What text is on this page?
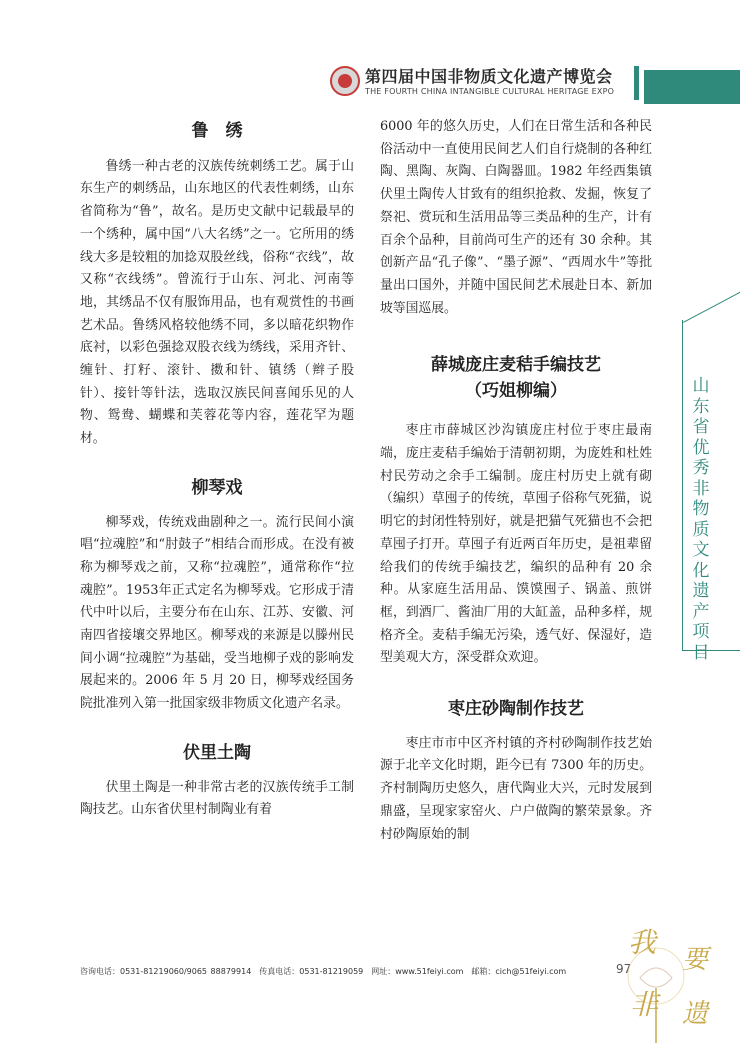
第四届中国非物质文化遗产博览会
THE FOURTH CHINA INTANGIBLE CULTURAL HERITAGE EXPO
山东省优秀非物质文化遗产项目
鲁　绣

鲁绣一种古老的汉族传统刺绣工艺。属于山东生产的刺绣品，山东地区的代表性刺绣，山东省简称为“鲁”，故名。是历史文献中记载最早的一个绣种，属中国“八大名绣”之一。它所用的绣线大多是较粗的加捻双股丝线，俗称“衣线”，故又称“衣线绣”。曾流行于山东、河北、河南等地，其绣品不仅有服饰用品，也有观赏性的书画艺术品。鲁绣风格较他绣不同，多以暗花织物作底衬，以彩色强捻双股衣线为绣线，采用齐针、缠针、打籽、滚针、擞和针、镇绣（辫子股针）、接针等针法，选取汉族民间喜闻乐见的人物、鸳鸯、蝴蝶和芙蓉花等内容，莲花罕为题材。

柳琴戏

柳琴戏，传统戏曲剧种之一。流行民间小演唱“拉魂腔”和“肘鼓子”相结合而形成。在没有被称为柳琴戏之前，又称“拉魂腔”，通常称作“拉魂腔”。1953年正式定名为柳琴戏。它形成于清代中叶以后，主要分布在山东、江苏、安徽、河南四省接壤交界地区。柳琴戏的来源是以滕州民间小调“拉魂腔”为基础，受当地柳子戏的影响发展起来的。2006 年 5 月 20 日，柳琴戏经国务院批准列入第一批国家级非物质文化遗产名录。

伏里土陶

伏里土陶是一种非常古老的汉族传统手工制陶技艺。山东省伏里村制陶业有着

6000 年的悠久历史，人们在日常生活和各种民俗活动中一直使用民间艺人们自行烧制的各种红陶、黑陶、灰陶、白陶器皿。1982 年经西集镇伏里土陶传人甘致有的组织抢救、发掘，恢复了祭祀、赏玩和生活用品等三类品种的生产，计有百余个品种，目前尚可生产的还有 30 余种。其创新产品“孔子像”、“墨子源”、“西周水牛”等批量出口国外，并随中国民间艺术展赴日本、新加坡等国巡展。

薛城庞庄麦秸手编技艺
（巧姐柳编）

枣庄市薛城区沙沟镇庞庄村位于枣庄最南端，庞庄麦秸手编始于清朝初期，为庞姓和杜姓村民劳动之余手工编制。庞庄村历史上就有砌（编织）草囤子的传统，草囤子俗称气死猫，说明它的封闭性特别好，就是把猫气死猫也不会把草囤子打开。草囤子有近两百年历史，是祖辈留给我们的传统手编技艺，编织的品种有 20 余种。从家庭生活用品、馍馍囤子、锅盖、煎饼框，到酒厂、酱油厂用的大缸盖，品种多样，规格齐全。麦秸手编无污染，透气好、保湿好，造型美观大方，深受群众欢迎。

枣庄砂陶制作技艺

枣庄市市中区齐村镇的齐村砂陶制作技艺始源于北辛文化时期，距今已有 7300 年的历史。齐村制陶历史悠久，唐代陶业大兴，元时发展到鼎盛，呈现家家窑火、户户做陶的繁荣景象。齐村砂陶原始的制

咨询电话：0531-81219060/9065 88879914　传真电话：0531-81219059　网址：www.51feiyi.com　邮箱：cich@51feiyi.com	97
我
要
非 遗
